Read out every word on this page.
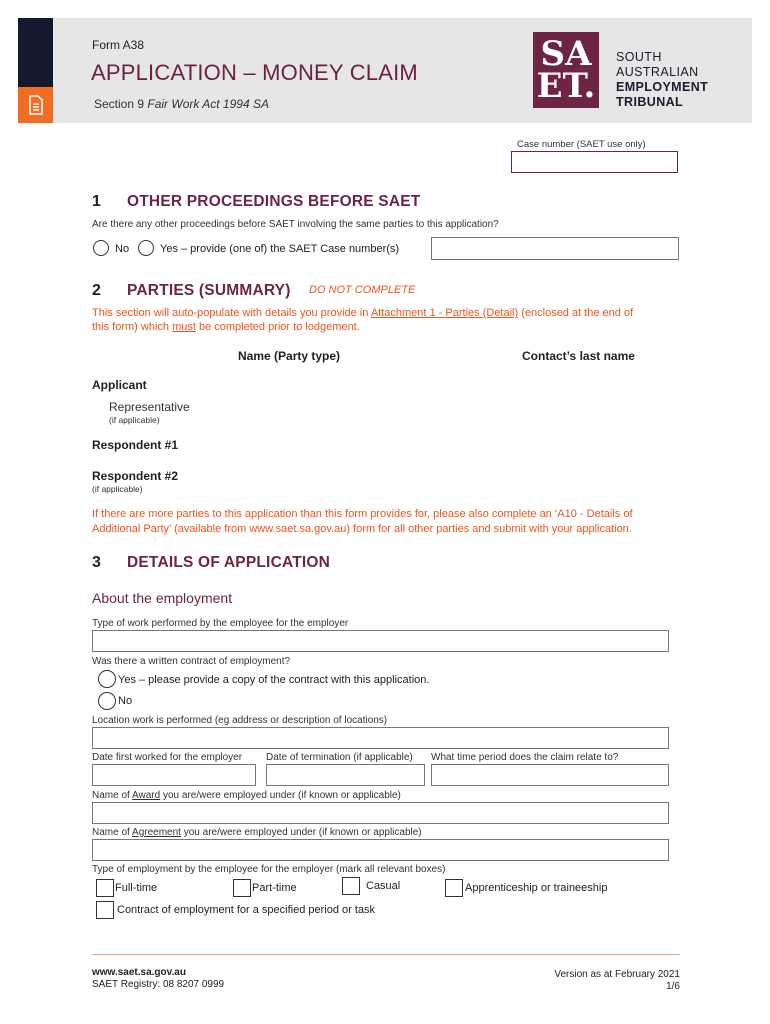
Form A38
APPLICATION – MONEY CLAIM
Section 9 Fair Work Act 1994 SA
SA
ET.
SOUTH
AUSTRALIAN
EMPLOYMENT
TRIBUNAL
Case number (SAET use only)
1 OTHER PROCEEDINGS BEFORE SAET
Are there any other proceedings before SAET involving the same parties to this application?
No	Yes – provide (one of) the SAET Case number(s)
2 PARTIES (SUMMARY) DO NOT COMPLETE
This section will auto-populate with details you provide in Attachment 1 - Parties (Detail) (enclosed at the end of
this form) which must be completed prior to lodgement.
Name (Party type)	Contact’s last name
Applicant
Representative
(if applicable)
Respondent #1
Respondent #2
(if applicable)
If there are more parties to this application than this form provides for, please also complete an ‘A10 - Details of
Additional Party’ (available from www.saet.sa.gov.au) form for all other parties and submit with your application.
3 DETAILS OF APPLICATION
About the employment
Type of work performed by the employee for the employer
Was there a written contract of employment?
Yes – please provide a copy of the contract with this application.
No
Location work is performed (eg address or description of locations)
Date first worked for the employer Date of termination (if applicable) What time period does the claim relate to?
Name of Award you are/were employed under (if known or applicable)
Name of Agreement you are/were employed under (if known or applicable)
Type of employment by the employee for the employer (mark all relevant boxes)
Full-time	Part-time	Casual	Apprenticeship or traineeship
Contract of employment for a specified period or task
www.saet.sa.gov.au
SAET Registry: 08 8207 0999
Version as at February 2021
1/6
